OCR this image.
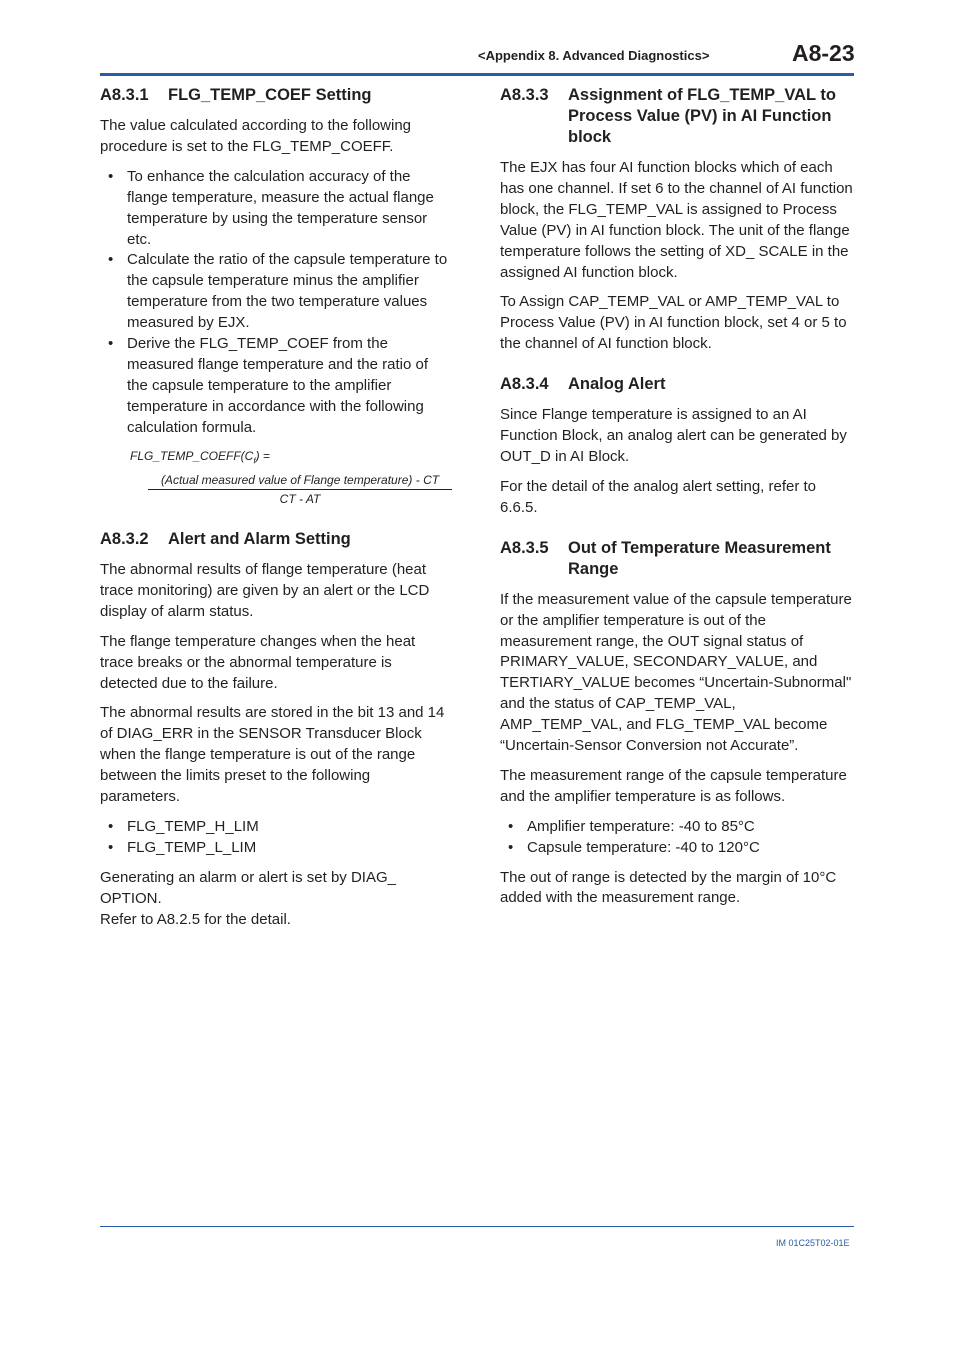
<Appendix 8. Advanced Diagnostics>	A8-23
A8.3.1	FLG_TEMP_COEF Setting

The value calculated according to the following procedure is set to the FLG_TEMP_COEFF.

• To enhance the calculation accuracy of the flange temperature, measure the actual flange temperature by using the temperature sensor etc.
• Calculate the ratio of the capsule temperature to the capsule temperature minus the amplifier temperature from the two temperature values measured by EJX.
• Derive the FLG_TEMP_COEF from the measured flange temperature and the ratio of the capsule temperature to the amplifier temperature in accordance with the following calculation formula.
$FLG\_TEMP\_COEFF(C_f)$ =
(Actual measured value of Flange temperature) - CT
CT - AT
A8.3.2	Alert and Alarm Setting

The abnormal results of flange temperature (heat trace monitoring) are given by an alert or the LCD display of alarm status.

The flange temperature changes when the heat trace breaks or the abnormal temperature is detected due to the failure.

The abnormal results are stored in the bit 13 and 14 of DIAG_ERR in the SENSOR Transducer Block when the flange temperature is out of the range between the limits preset to the following parameters.

• FLG_TEMP_H_LIM
• FLG_TEMP_L_LIM

Generating an alarm or alert is set by DIAG_ OPTION.

Refer to A8.2.5 for the detail.

A8.3.3	Assignment of FLG_TEMP_VAL to Process Value (PV) in AI Function block

The EJX has four AI function blocks which of each has one channel. If set 6 to the channel of AI function block, the FLG_TEMP_VAL is assigned to Process Value (PV) in AI function block. The unit of the flange temperature follows the setting of XD_ SCALE in the assigned AI function block.

To Assign CAP_TEMP_VAL or AMP_TEMP_VAL to Process Value (PV) in AI function block, set 4 or 5 to the channel of AI function block.

A8.3.4	Analog Alert

Since Flange temperature is assigned to an AI Function Block, an analog alert can be generated by OUT_D in AI Block.

For the detail of the analog alert setting, refer to 6.6.5.

A8.3.5	Out of Temperature Measurement Range

If the measurement value of the capsule temperature or the amplifier temperature is out of the measurement range, the OUT signal status of PRIMARY_VALUE, SECONDARY_VALUE, and TERTIARY_VALUE becomes “Uncertain-Subnormal" and the status of CAP_TEMP_VAL, AMP_TEMP_VAL, and FLG_TEMP_VAL become “Uncertain-Sensor Conversion not Accurate”.

The measurement range of the capsule temperature and the amplifier temperature is as follows.

• Amplifier temperature: -40 to 85°C
• Capsule temperature: -40 to 120°C

The out of range is detected by the margin of 10°C added with the measurement range.

IM 01C25T02-01E
